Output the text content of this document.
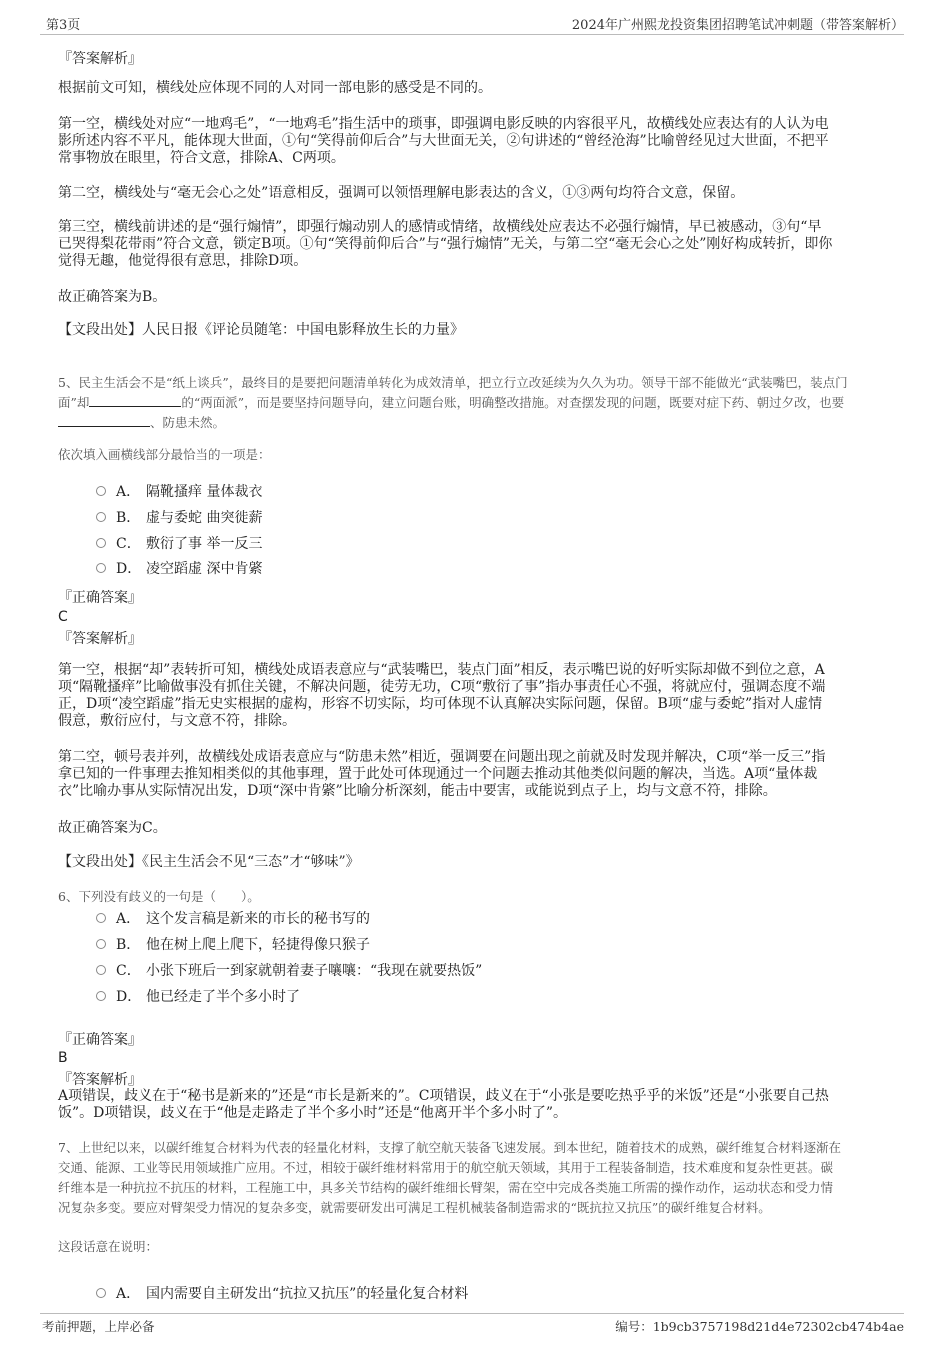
第3页	2024年广州熙龙投资集团招聘笔试冲刺题（带答案解析）
『答案解析』

根据前文可知，横线处应体现不同的人对同一部电影的感受是不同的。

第一空，横线处对应“一地鸡毛”，“一地鸡毛”指生活中的琐事，即强调电影反映的内容很平凡，故横线处应表达有的人认为电

影所述内容不平凡，能体现大世面，①句“笑得前仰后合”与大世面无关，②句讲述的“曾经沧海”比喻曾经见过大世面，不把平

常事物放在眼里，符合文意，排除A、C两项。

第二空，横线处与“毫无会心之处”语意相反，强调可以领悟理解电影表达的含义，①③两句均符合文意，保留。

第三空，横线前讲述的是“强行煽情”，即强行煽动别人的感情或情绪，故横线处应表达不必强行煽情，早已被感动，③句“早

已哭得梨花带雨”符合文意，锁定B项。①句“笑得前仰后合”与“强行煽情”无关，与第二空“毫无会心之处”刚好构成转折，即你

觉得无趣，他觉得很有意思，排除D项。

故正确答案为B。

【文段出处】人民日报《评论员随笔：中国电影释放生长的力量》

5、民主生活会不是“纸上谈兵”，最终目的是要把问题清单转化为成效清单，把立行立改延续为久久为功。领导干部不能做光“武装嘴巴，装点门

面”却	的“两面派”，而是要坚持问题导向，建立问题台账，明确整改措施。对查摆发现的问题，既要对症下药、朝过夕改，也要

、防患未然。

依次填入画横线部分最恰当的一项是：
A． 隔靴搔痒 量体裁衣
B． 虚与委蛇 曲突徙薪
C． 敷衍了事 举一反三
D． 凌空蹈虚 深中肯綮
『正确答案』
C
『答案解析』

第一空，根据“却”表转折可知，横线处成语表意应与“武装嘴巴，装点门面”相反，表示嘴巴说的好听实际却做不到位之意，A

项“隔靴搔痒”比喻做事没有抓住关键，不解决问题，徒劳无功，C项“敷衍了事”指办事责任心不强，将就应付，强调态度不端

正，D项“凌空蹈虚”指无史实根据的虚构，形容不切实际，均可体现不认真解决实际问题，保留。B项“虚与委蛇”指对人虚情

假意，敷衍应付，与文意不符，排除。

第二空，顿号表并列，故横线处成语表意应与“防患未然”相近，强调要在问题出现之前就及时发现并解决，C项“举一反三”指

拿已知的一件事理去推知相类似的其他事理，置于此处可体现通过一个问题去推动其他类似问题的解决，当选。A项“量体裁

衣”比喻办事从实际情况出发，D项“深中肯綮”比喻分析深刻，能击中要害，或能说到点子上，均与文意不符，排除。

故正确答案为C。

【文段出处】《民主生活会不见“三态”才“够味”》

6、下列没有歧义的一句是（　　）。
A． 这个发言稿是新来的市长的秘书写的
B． 他在树上爬上爬下，轻捷得像只猴子
C． 小张下班后一到家就朝着妻子嚷嚷：“我现在就要热饭”
D． 他已经走了半个多小时了
『正确答案』
B
『答案解析』

A项错误，歧义在于“秘书是新来的”还是“市长是新来的”。C项错误，歧义在于“小张是要吃热乎乎的米饭”还是“小张要自己热

饭”。D项错误，歧义在于“他是走路走了半个多小时”还是“他离开半个多小时了”。

7、上世纪以来，以碳纤维复合材料为代表的轻量化材料，支撑了航空航天装备飞速发展。到本世纪，随着技术的成熟，碳纤维复合材料逐渐在

交通、能源、工业等民用领域推广应用。不过，相较于碳纤维材料常用于的航空航天领域，其用于工程装备制造，技术难度和复杂性更甚。碳

纤维本是一种抗拉不抗压的材料，工程施工中，具多关节结构的碳纤维细长臂架，需在空中完成各类施工所需的操作动作，运动状态和受力情

况复杂多变。要应对臂架受力情况的复杂多变，就需要研发出可满足工程机械装备制造需求的“既抗拉又抗压”的碳纤维复合材料。

这段话意在说明：
A． 国内需要自主研发出“抗拉又抗压”的轻量化复合材料
考前押题，上岸必备	编号：1b9cb3757198d21d4e72302cb474b4ae
